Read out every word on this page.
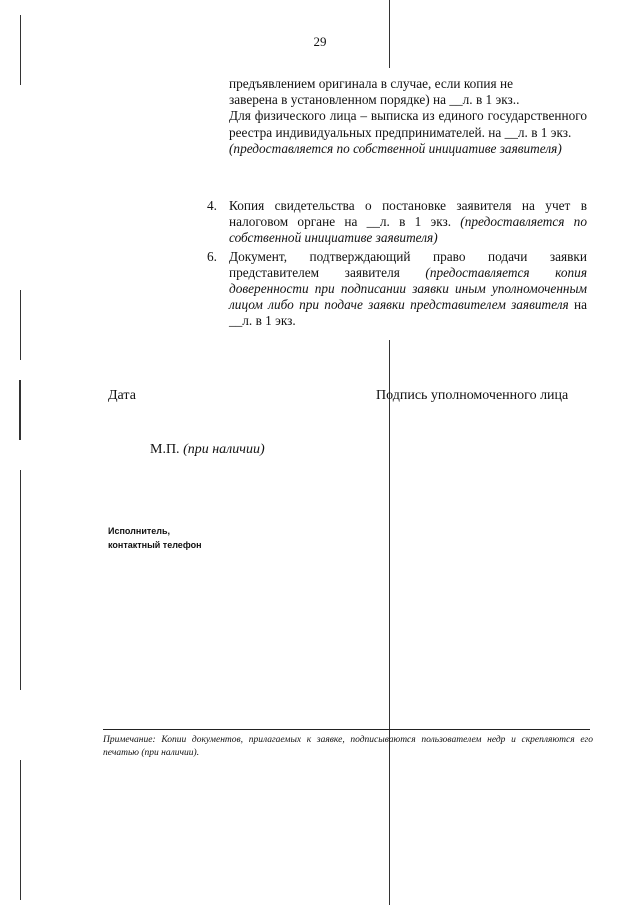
29
предъявлением оригинала в случае, если копия не
заверена в установленном порядке) на __л. в 1 экз..
Для физического лица – выписка из единого государственного реестра индивидуальных предпринимателей. на __л. в 1 экз.
(предоставляется по собственной инициативе заявителя)
4. Копия свидетельства о постановке заявителя на учет в налоговом органе на __л. в 1 экз. (предоставляется по собственной инициативе заявителя)
6. Документ, подтверждающий право подачи заявки представителем заявителя (предоставляется копия доверенности при подписании заявки иным уполномоченным лицом либо при подаче заявки представителем заявителя на __л. в 1 экз.
Дата	Подпись уполномоченного лица
М.П. (при наличии)
Исполнитель,
контактный телефон
Примечание: Копии документов, прилагаемых к заявке, подписываются пользователем недр и скрепляются его печатью (при наличии).
